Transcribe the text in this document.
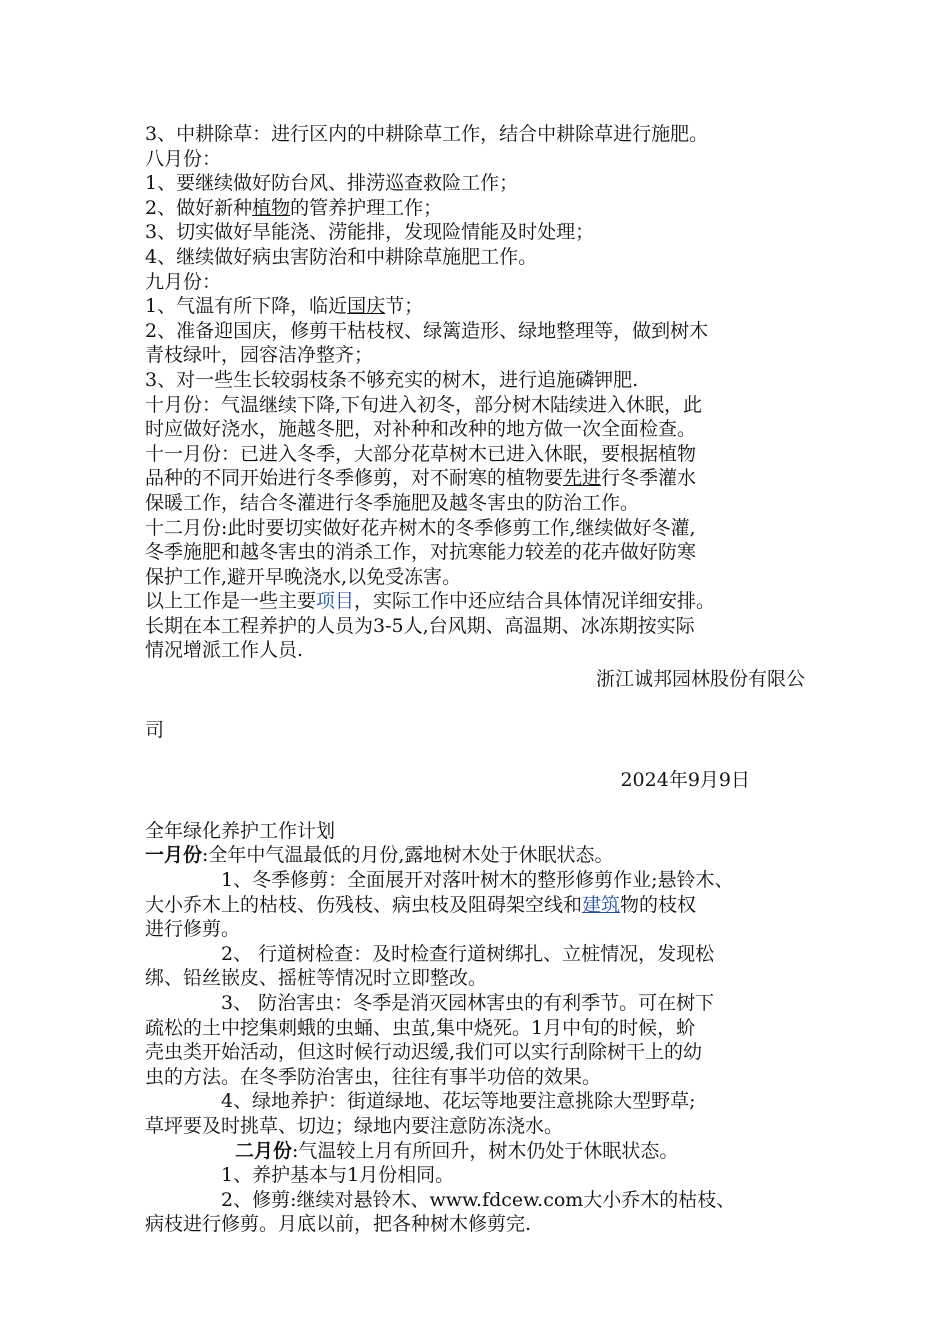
3、中耕除草：进行区内的中耕除草工作，结合中耕除草进行施肥。
八月份：
1、要继续做好防台风、排涝巡查救险工作；
2、做好新种植物的管养护理工作；
3、切实做好旱能浇、涝能排，发现险情能及时处理；
4、继续做好病虫害防治和中耕除草施肥工作。
九月份：
1、气温有所下降，临近国庆节；
2、准备迎国庆，修剪干枯枝杈、绿篱造形、绿地整理等，做到树木
青枝绿叶，园容洁净整齐；
3、对一些生长较弱枝条不够充实的树木，进行追施磷钾肥.
十月份：气温继续下降,下旬进入初冬，部分树木陆续进入休眠，此
时应做好浇水，施越冬肥，对补种和改种的地方做一次全面检查。
十一月份：已进入冬季，大部分花草树木已进入休眠，要根据植物
品种的不同开始进行冬季修剪，对不耐寒的植物要先进行冬季灌水
保暖工作，结合冬灌进行冬季施肥及越冬害虫的防治工作。
十二月份:此时要切实做好花卉树木的冬季修剪工作,继续做好冬灌,
冬季施肥和越冬害虫的消杀工作，对抗寒能力较差的花卉做好防寒
保护工作,避开早晚浇水,以免受冻害。
以上工作是一些主要项目，实际工作中还应结合具体情况详细安排。
长期在本工程养护的人员为3-5人,台风期、高温期、冰冻期按实际
情况增派工作人员.
浙江诚邦园林股份有限公
司
2024年9月9日
全年绿化养护工作计划
一月份:全年中气温最低的月份,露地树木处于休眠状态。
1、冬季修剪：全面展开对落叶树木的整形修剪作业;悬铃木、
大小乔木上的枯枝、伤残枝、病虫枝及阻碍架空线和建筑物的枝权
进行修剪。
2、 行道树检查：及时检查行道树绑扎、立桩情况，发现松
绑、铅丝嵌皮、摇桩等情况时立即整改。
3、 防治害虫：冬季是消灭园林害虫的有利季节。可在树下
疏松的土中挖集刺蛾的虫蛹、虫茧,集中烧死。1月中旬的时候，蚧
壳虫类开始活动，但这时候行动迟缓,我们可以实行刮除树干上的幼
虫的方法。在冬季防治害虫，往往有事半功倍的效果。
4、绿地养护：街道绿地、花坛等地要注意挑除大型野草;
草坪要及时挑草、切边；绿地内要注意防冻浇水。
二月份:气温较上月有所回升，树木仍处于休眠状态。
1、养护基本与1月份相同。
2、修剪:继续对悬铃木、www.fdcew.com大小乔木的枯枝、
病枝进行修剪。月底以前，把各种树木修剪完.
